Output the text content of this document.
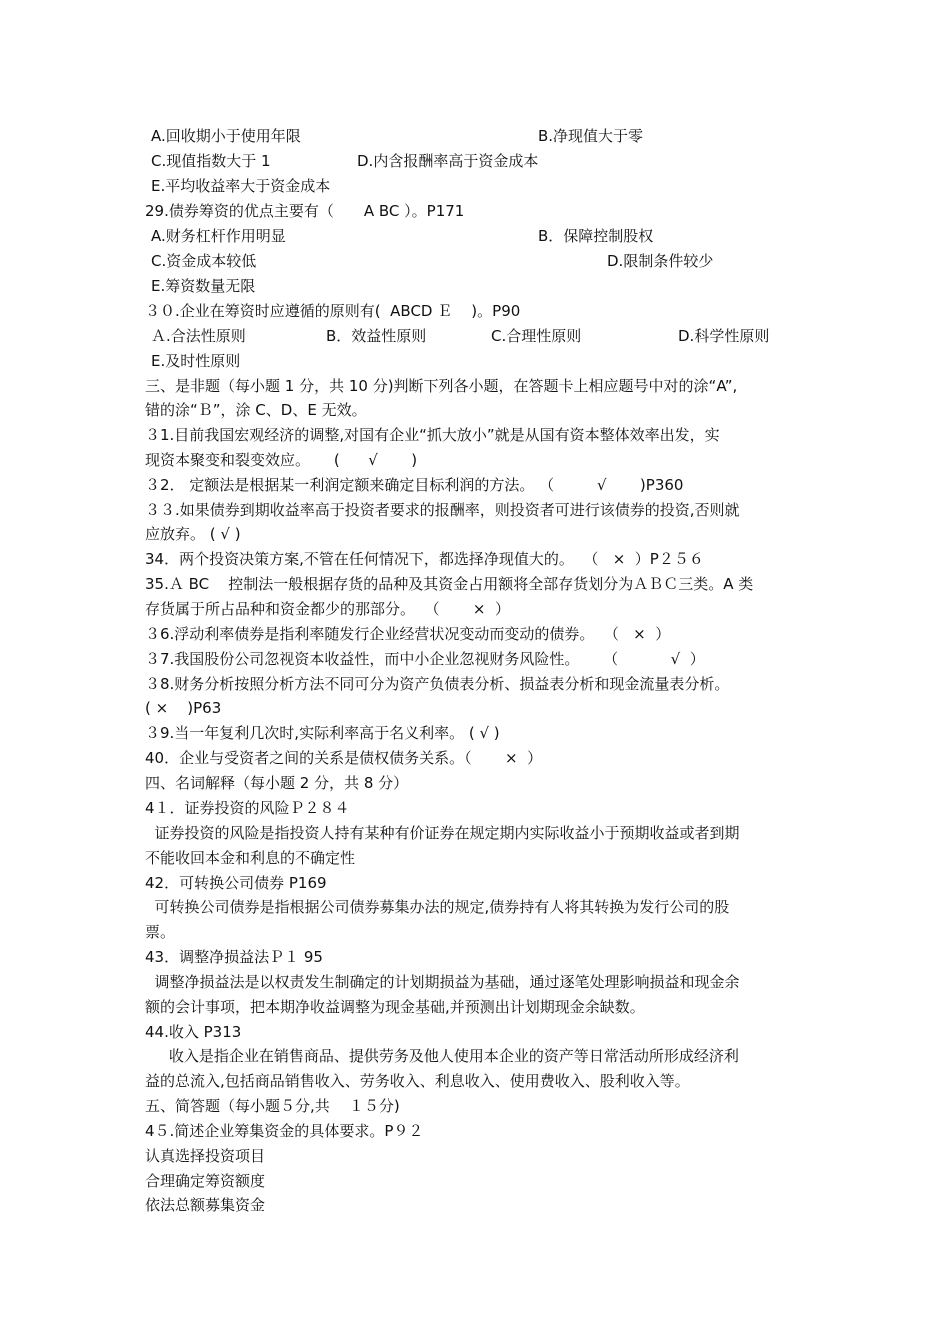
A.回收期小于使用年限	B.净现值大于零
C.现值指数大于 1	D.内含报酬率高于资金成本
E.平均收益率大于资金成本
29.债券筹资的优点主要有（　　A BC ）。P171
A.财务杠杆作用明显	B．保障控制股权
C.资金成本较低	D.限制条件较少
E.筹资数量无限
３０.企业在筹资时应遵循的原则有(  ABCD Ｅ    )。P90
Ａ.合法性原则	B．效益性原则	C.合理性原则	D.科学性原则
E.及时性原则
三、是非题（每小题 1 分，共 10 分)判断下列各小题，在答题卡上相应题号中对的涂“A”,
错的涂“Ｂ”，涂 C、D、E 无效。
３1.目前我国宏观经济的调整,对国有企业“抓大放小”就是从国有资本整体效率出发，实
现资本聚变和裂变效应。     (      √       )
３2． 定额法是根据某一利润定额来确定目标利润的方法。 （         √       )P360
３３.如果债券到期收益率高于投资者要求的报酬率，则投资者可进行该债券的投资,否则就
应放弃。 ( √ )
34．两个投资决策方案,不管在任何情况下，都选择净现值大的。  （   ×  ）P２５６
35.Ａ BC    控制法一般根据存货的品种及其资金占用额将全部存货划分为ＡＢＣ三类。A 类
存货属于所占品种和资金都少的那部分。  （       ×  ）
３6.浮动利率债券是指利率随发行企业经营状况变动而变动的债券。  （   ×  ）
３7.我国股份公司忽视资本收益性，而中小企业忽视财务风险性。     （           √  ）
３8.财务分析按照分析方法不同可分为资产负债表分析、损益表分析和现金流量表分析。
( ×    )P63
３9.当一年复利几次时,实际利率高于名义利率。 ( √ )
40．企业与受资者之间的关系是债权债务关系。（       ×  ）
四、名词解释（每小题 2 分，共 8 分）
4１．证券投资的风险Ｐ２８４
证券投资的风险是指投资人持有某种有价证券在规定期内实际收益小于预期收益或者到期
不能收回本金和利息的不确定性
42．可转换公司债券 P169
可转换公司债券是指根据公司债券募集办法的规定,债券持有人将其转换为发行公司的股
票。
43．调整净损益法Ｐ１ 95
调整净损益法是以权责发生制确定的计划期损益为基础，通过逐笔处理影响损益和现金余
额的会计事项，把本期净收益调整为现金基础,并预测出计划期现金余缺数。
44.收入 P313
收入是指企业在销售商品、提供劳务及他人使用本企业的资产等日常活动所形成经济利
益的总流入,包括商品销售收入、劳务收入、利息收入、使用费收入、股利收入等。
五、简答题（每小题５分,共    １５分)
4５.简述企业筹集资金的具体要求。P９２
认真选择投资项目
合理确定筹资额度
依法总额募集资金
